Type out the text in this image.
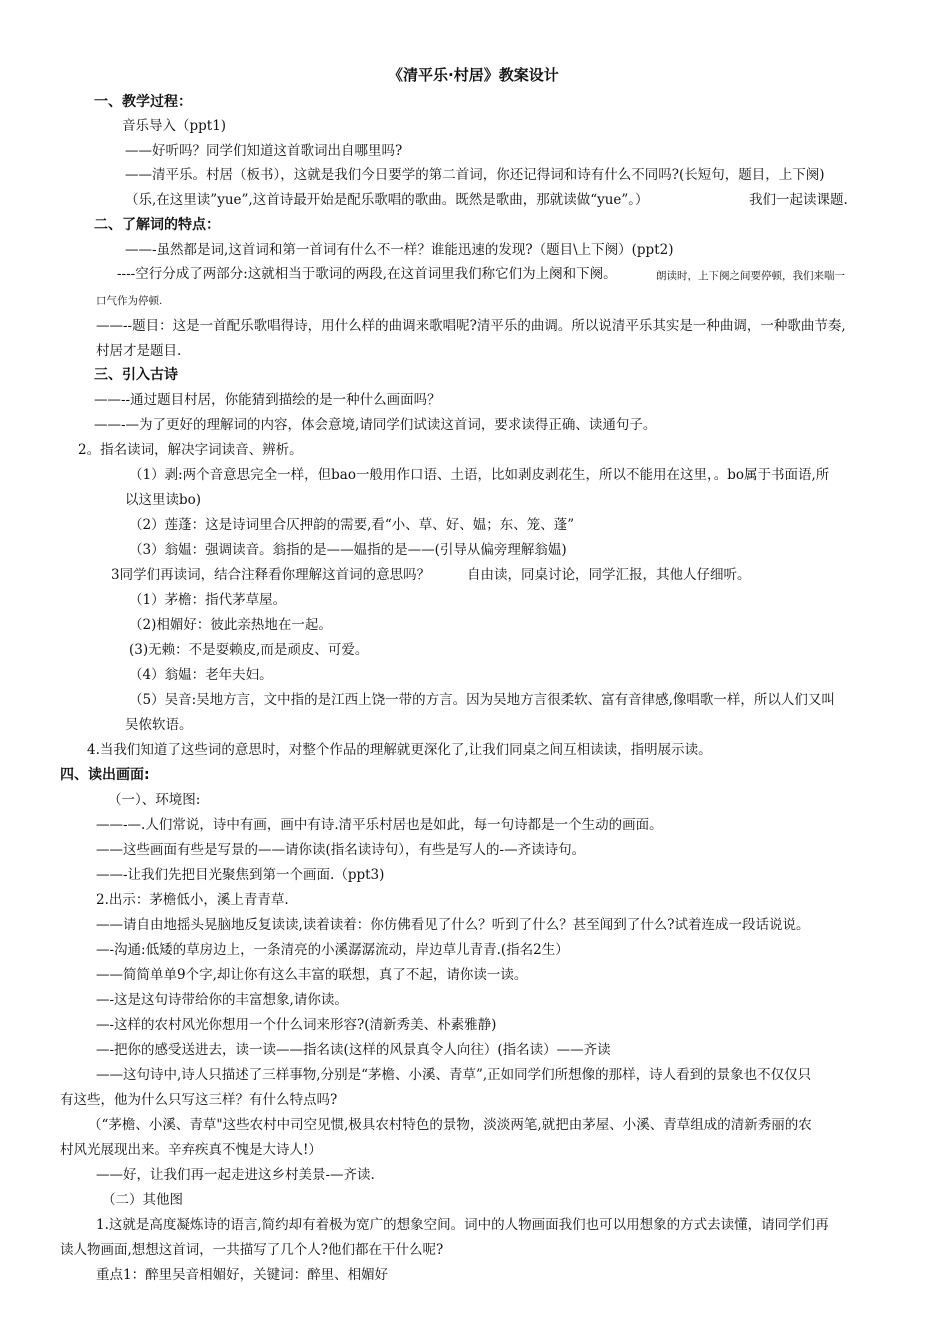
《清平乐·村居》教案设计
一、教学过程：
音乐导入（ppt1)
——好听吗？同学们知道这首歌词出自哪里吗?
——清平乐。村居（板书），这就是我们今日要学的第二首词，你还记得词和诗有什么不同吗?(长短句，题目，上下阕)
（乐,在这里读”yue”,这首诗最开始是配乐歌唱的歌曲。既然是歌曲，那就读做“yue”。）	我们一起读课题.
二、了解词的特点：
——-虽然都是词,这首词和第一首词有什么不一样？谁能迅速的发现?（题目\上下阕）(ppt2)
----空行分成了两部分:这就相当于歌词的两段,在这首词里我们称它们为上阕和下阕。	朗读时，上下阕之间要停顿，我们来喘一
口气作为停顿.
——--题目：这是一首配乐歌唱得诗，用什么样的曲调来歌唱呢?清平乐的曲调。所以说清平乐其实是一种曲调，一种歌曲节奏,
村居才是题目.
三、引入古诗
——--通过题目村居，你能猜到描绘的是一种什么画面吗？
——-—为了更好的理解词的内容，体会意境,请同学们试读这首词，要求读得正确、读通句子。
2。指名读词，解决字词读音、辨析。
（1）剥:两个音意思完全一样，但bao一般用作口语、土语，比如剥皮剥花生，所以不能用在这里，。bo属于书面语,所
以这里读bo)
（2）莲蓬：这是诗词里合仄押韵的需要,看“小、草、好、媪；东、笼、蓬”
（3）翁媪：强调读音。翁指的是——媪指的是——(引导从偏旁理解翁媪)
3同学们再读词，结合注释看你理解这首词的意思吗？	自由读，同桌讨论，同学汇报，其他人仔细听。
（1）茅檐：指代茅草屋。
（2)相媚好：彼此亲热地在一起。
(3)无赖：不是耍赖皮,而是顽皮、可爱。
（4）翁媪：老年夫妇。
（5）吴音:吴地方言，文中指的是江西上饶一带的方言。因为吴地方言很柔软、富有音律感,像唱歌一样，所以人们又叫
吴侬软语。
4.当我们知道了这些词的意思时，对整个作品的理解就更深化了,让我们同桌之间互相读读，指明展示读。
四、读出画面:
（一）、环境图:
——-—.人们常说，诗中有画，画中有诗.清平乐村居也是如此，每一句诗都是一个生动的画面。
——这些画面有些是写景的——请你读(指名读诗句），有些是写人的-—齐读诗句。
——-让我们先把目光聚焦到第一个画面.（ppt3)
2.出示：茅檐低小，溪上青青草.
——请自由地摇头晃脑地反复读读,读着读着：你仿佛看见了什么？听到了什么？甚至闻到了什么?试着连成一段话说说。
—-沟通:低矮的草房边上，一条清亮的小溪潺潺流动，岸边草儿青青.(指名2生）
——简简单单9个字,却让你有这么丰富的联想，真了不起，请你读一读。
—-这是这句诗带给你的丰富想象,请你读。
—-这样的农村风光你想用一个什么词来形容?(清新秀美、朴素雅静)
—-把你的感受送进去，读一读——指名读(这样的风景真令人向往）(指名读）——齐读
——这句诗中,诗人只描述了三样事物,分别是“茅檐、小溪、青草”,正如同学们所想像的那样，诗人看到的景象也不仅仅只
有这些，他为什么只写这三样？有什么特点吗?
（“茅檐、小溪、青草"这些农村中司空见惯,极具农村特色的景物，淡淡两笔,就把由茅屋、小溪、青草组成的清新秀丽的农
村风光展现出来。辛弃疾真不愧是大诗人!）
——好，让我们再一起走进这乡村美景-—齐读.
（二）其他图
1.这就是高度凝炼诗的语言,简约却有着极为宽广的想象空间。词中的人物画面我们也可以用想象的方式去读懂，请同学们再
读人物画面,想想这首词，一共描写了几个人?他们都在干什么呢?
重点1：醉里吴音相媚好，关键词：醉里、相媚好
